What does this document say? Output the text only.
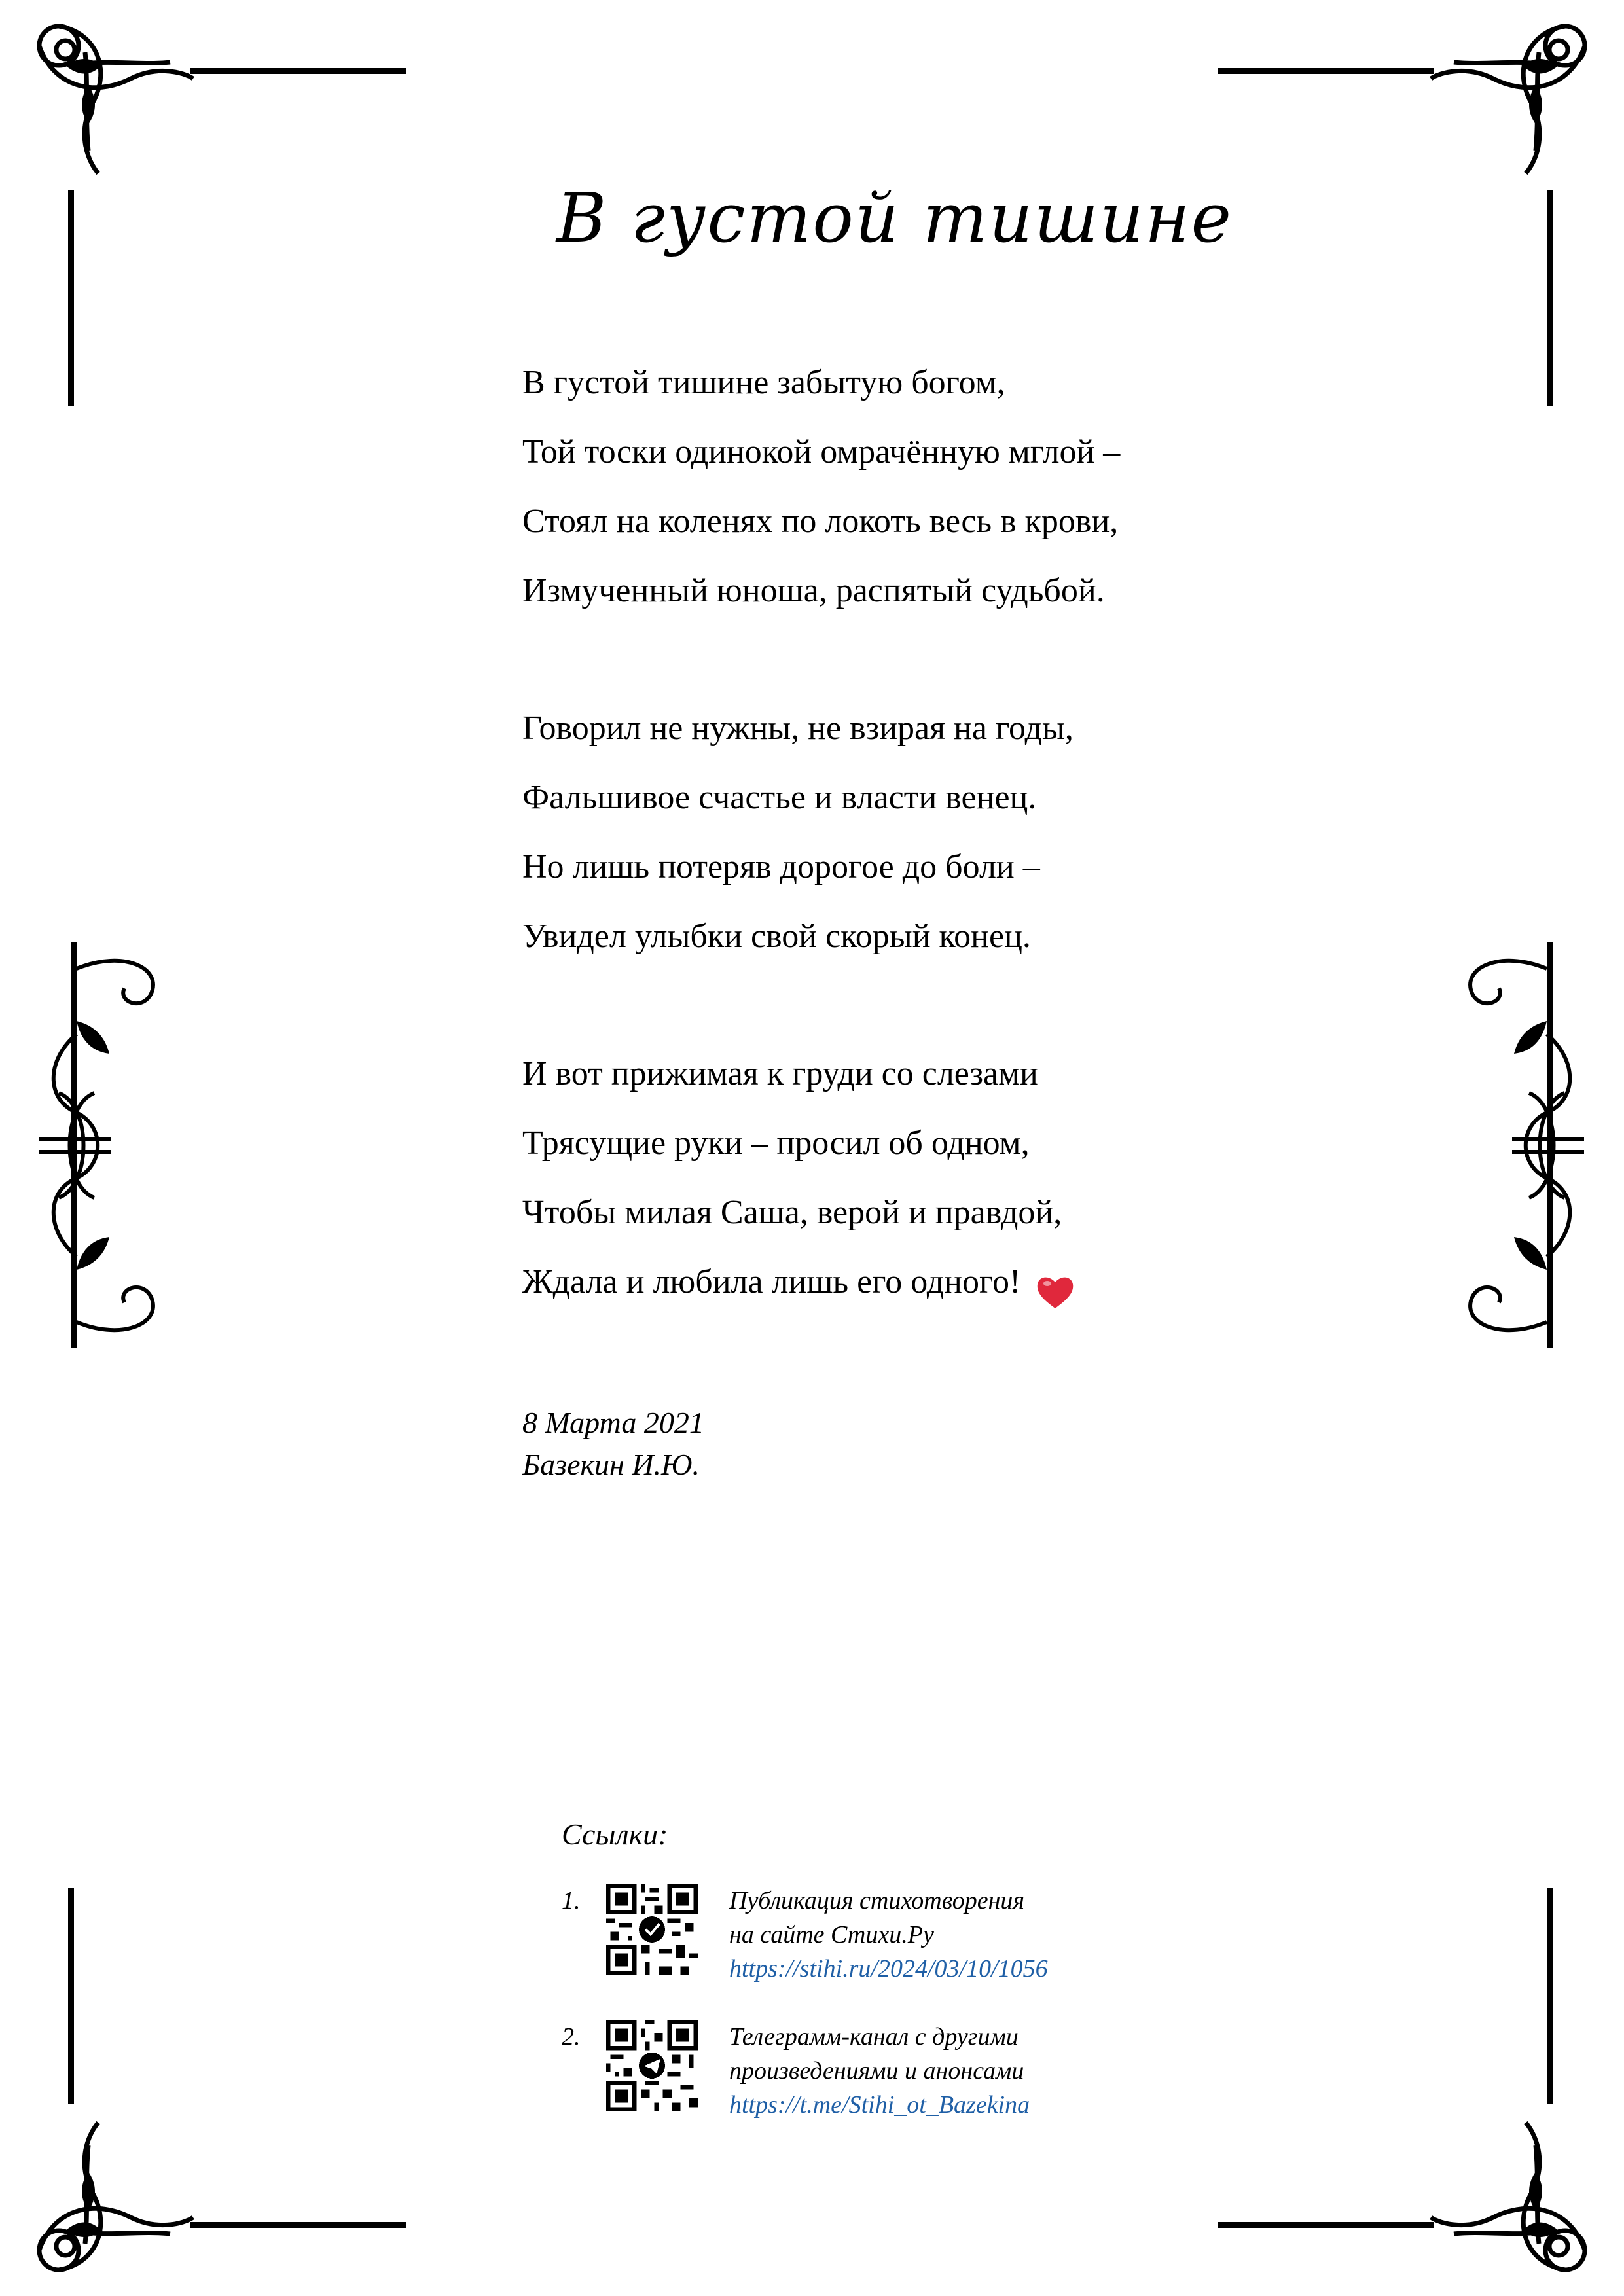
В густой тишине
В густой тишине забытую богом,
Той тоски одинокой омрачённую мглой –
Стоял на коленях по локоть весь в крови,
Измученный юноша, распятый судьбой.
Говорил не нужны, не взирая на годы,
Фальшивое счастье и власти венец.
Но лишь потеряв дорогое до боли –
Увидел улыбки свой скорый конец.
И вот прижимая к груди со слезами
Трясущие руки – просил об одном,
Чтобы милая Саша, верой и правдой,
Ждала и любила лишь его одного!
8 Марта 2021
Базекин И.Ю.
Ссылки:
1.	Публикация стихотворения
на сайте Стихи.Ру
https://stihi.ru/2024/03/10/1056
2.	Телеграмм-канал с другими
произведениями и анонсами
https://t.me/Stihi_ot_Bazekina
